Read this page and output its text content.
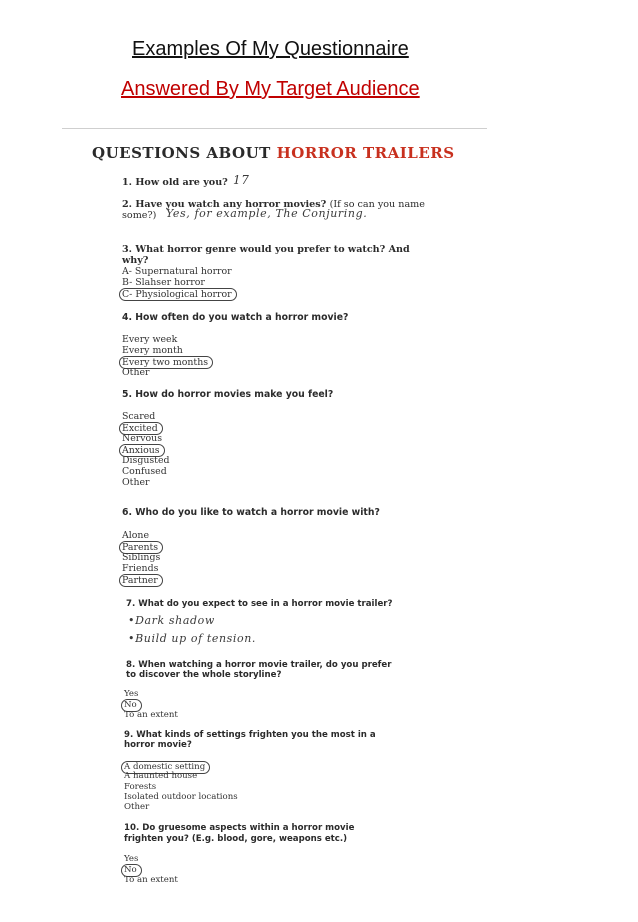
Examples Of My Questionnaire
Answered By My Target Audience
QUESTIONS ABOUT HORROR TRAILERS
1. How old are you? 17
2. Have you watch any horror movies? (If so can you name
some?) Yes, for example, The Conjuring.
3. What horror genre would you prefer to watch? And
why?
A- Supernatural horror
B- Slahser horror
C- Physiological horror
4. How often do you watch a horror movie?
Every week
Every month
Every two months
Other
5. How do horror movies make you feel?
Scared
Excited
Nervous
Anxious
Disgusted
Confused
Other
6. Who do you like to watch a horror movie with?
Alone
Parents
Siblings
Friends
Partner
7. What do you expect to see in a horror movie trailer?
•Dark shadow
•Build up of tension.
8. When watching a horror movie trailer, do you prefer
to discover the whole storyline?
Yes
No
To an extent
9. What kinds of settings frighten you the most in a
horror movie?
A domestic setting
A haunted house
Forests
Isolated outdoor locations
Other
10. Do gruesome aspects within a horror movie
frighten you? (E.g. blood, gore, weapons etc.)
Yes
No
To an extent
